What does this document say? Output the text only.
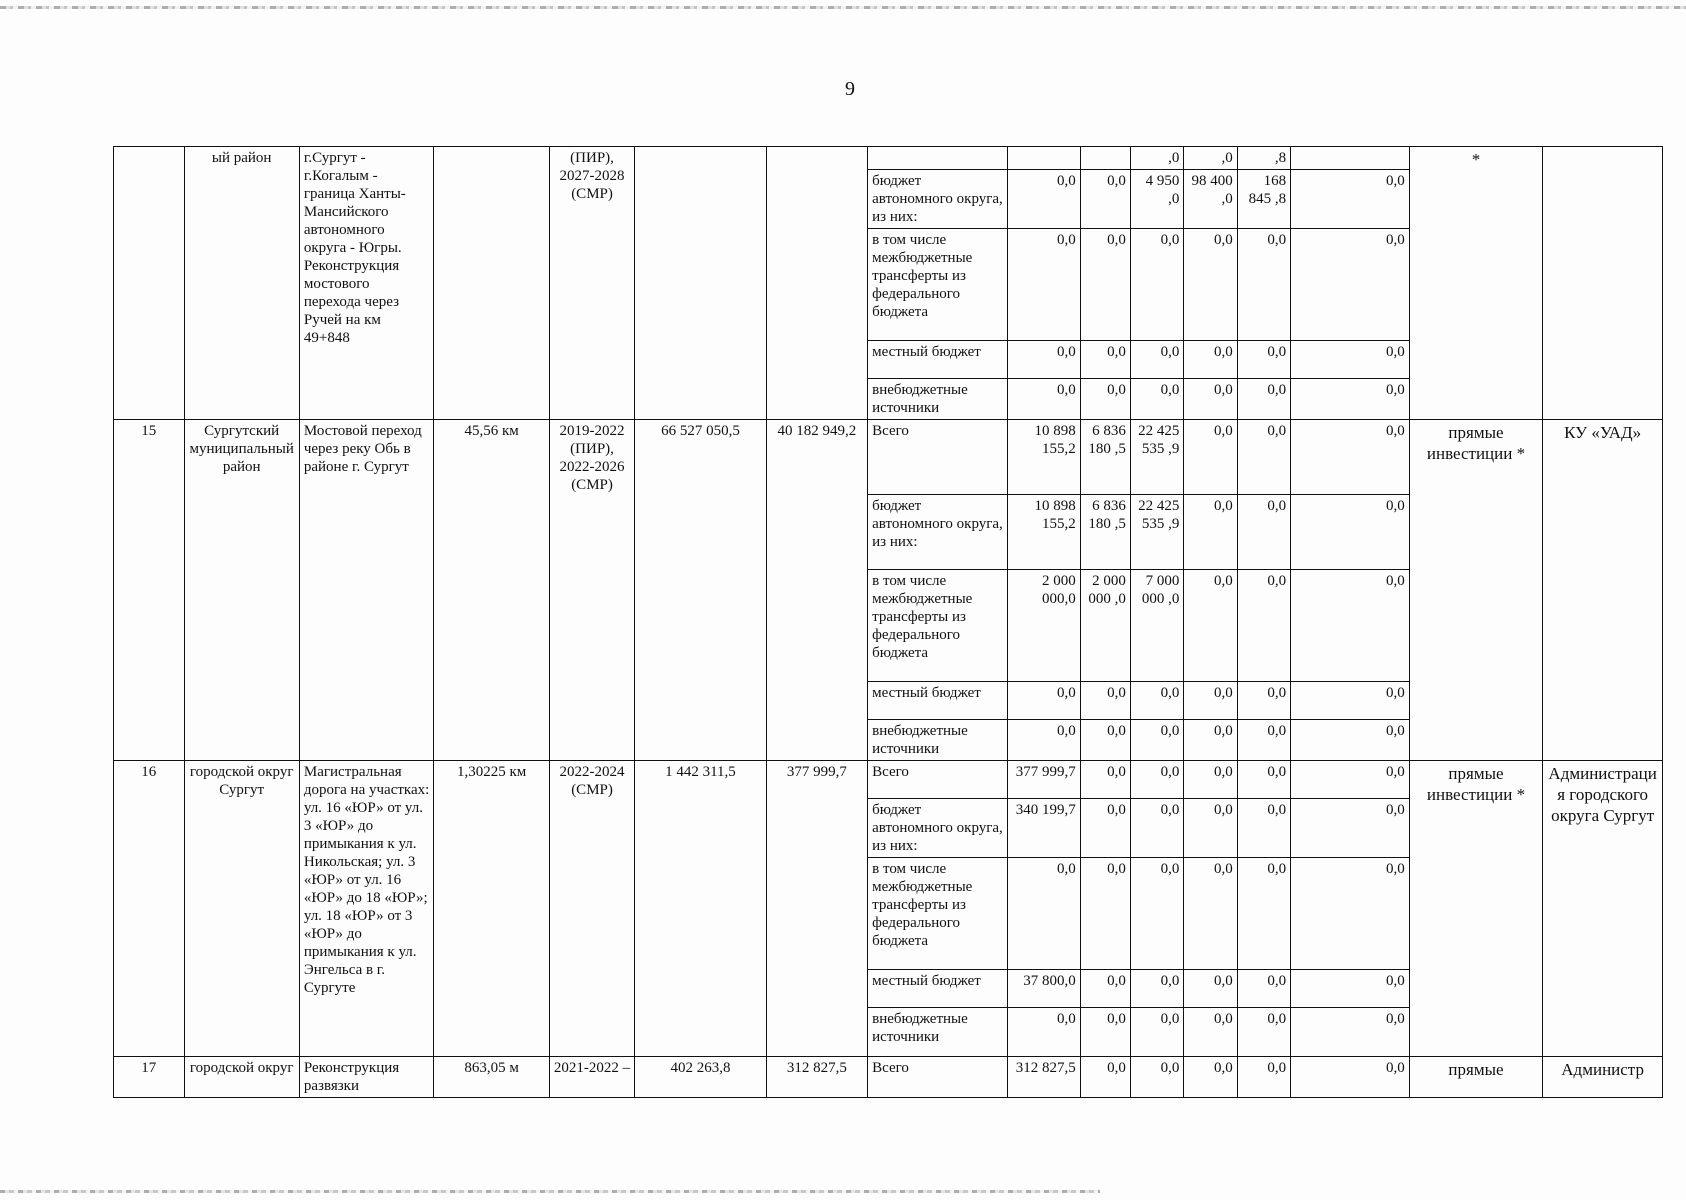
9
	ый район	г.Сургут - г.Когалым - граница Ханты-Мансийского автономного округа - Югры. Реконструкция мостового перехода через Ручей на км 49+848		(ПИР), 2027-2028 (СМР)						,0	,0	,8		*	
							бюджет автономного округа, из них:	0,0	0,0	4 950 ,0	98 400 ,0	168 845 ,8	0,0		
							в том числе межбюджетные трансферты из федерального бюджета	0,0	0,0	0,0	0,0	0,0	0,0		
							местный бюджет	0,0	0,0	0,0	0,0	0,0	0,0		
							внебюджетные источники	0,0	0,0	0,0	0,0	0,0	0,0		
15	Сургутский муниципальный район	Мостовой переход через реку Обь в районе г. Сургут	45,56 км	2019-2022 (ПИР), 2022-2026 (СМР)	66 527 050,5	40 182 949,2	Всего	10 898 155,2	6 836 180 ,5	22 425 535 ,9	0,0	0,0	0,0	прямые инвестиции *	КУ «УАД»
							бюджет автономного округа, из них:	10 898 155,2	6 836 180 ,5	22 425 535 ,9	0,0	0,0	0,0		
							в том числе межбюджетные трансферты из федерального бюджета	2 000 000,0	2 000 000 ,0	7 000 000 ,0	0,0	0,0	0,0		
							местный бюджет	0,0	0,0	0,0	0,0	0,0	0,0		
							внебюджетные источники	0,0	0,0	0,0	0,0	0,0	0,0		
16	городской округ Сургут	Магистральная дорога на участках: ул. 16 «ЮР» от ул. 3 «ЮР» до примыкания к ул. Никольская; ул. 3 «ЮР» от ул. 16 «ЮР» до 18 «ЮР»; ул. 18 «ЮР» от 3 «ЮР» до примыкания к ул. Энгельса в г. Сургуте	1,30225 км	2022-2024 (СМР)	1 442 311,5	377 999,7	Всего	377 999,7	0,0	0,0	0,0	0,0	0,0	прямые инвестиции *	Администрация городского округа Сургут
							бюджет автономного округа, из них:	340 199,7	0,0	0,0	0,0	0,0	0,0		
							в том числе межбюджетные трансферты из федерального бюджета	0,0	0,0	0,0	0,0	0,0	0,0		
							местный бюджет	37 800,0	0,0	0,0	0,0	0,0	0,0		
							внебюджетные источники	0,0	0,0	0,0	0,0	0,0	0,0		
17	городской округ	Реконструкция развязки	863,05 м	2021-2022 –	402 263,8	312 827,5	Всего	312 827,5	0,0	0,0	0,0	0,0	0,0	прямые	Администр
